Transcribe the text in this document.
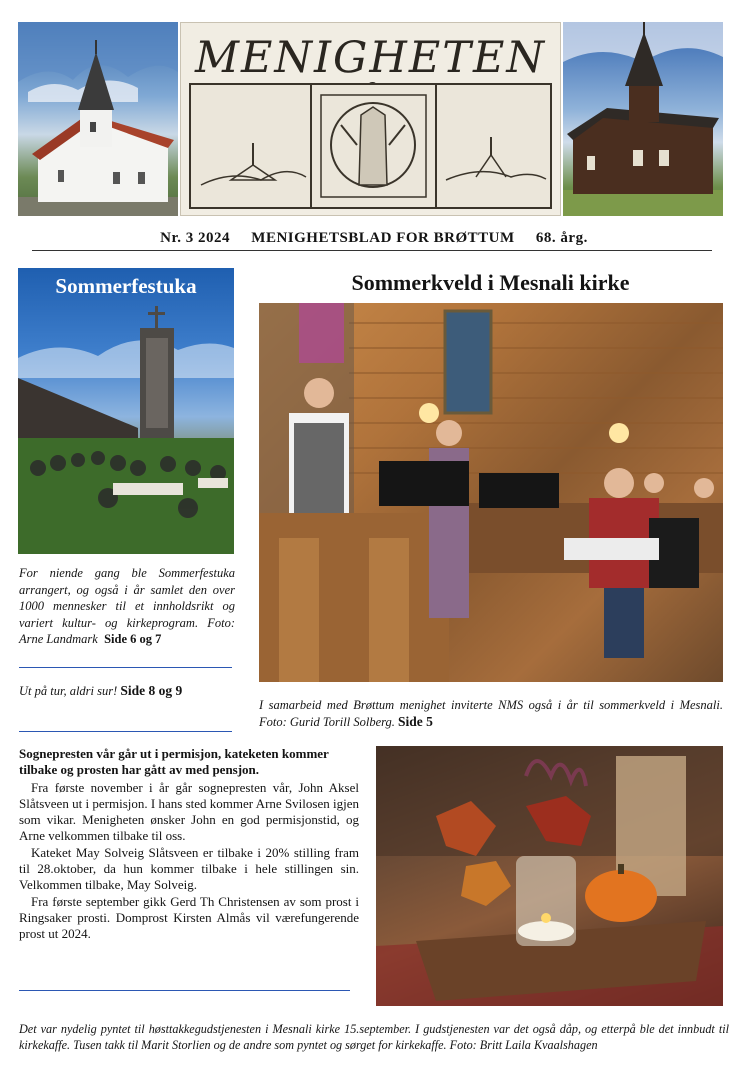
MENIGHETEN
Nr. 3 2024 MENIGHETSBLAD FOR BRØTTUM 68. årg.
Sommerfestuka
For niende gang ble Sommerfestuka arrangert, og også i år samlet den over 1000 mennesker til et innholdsrikt og variert kultur- og kirkeprogram. Foto: Arne Landmark Side 6 og 7
Ut på tur, aldri sur! Side 8 og 9
Sommerkveld i Mesnali kirke
I samarbeid med Brøttum menighet inviterte NMS også i år til sommerkveld i Mesnali. Foto: Gurid Torill Solberg. Side 5
Sognepresten vår går ut i permisjon, kateketen kommer tilbake og prosten har gått av med pensjon.

Fra første november i år går sognepresten vår, John Aksel Slåtsveen ut i permisjon. I hans sted kommer Arne Svilosen igjen som vikar. Menigheten ønsker John en god permisjonstid, og Arne velkommen tilbake til oss.

Kateket May Solveig Slåtsveen er tilbake i 20% stilling fram til 28.oktober, da hun kommer tilbake i hele stillingen sin. Velkommen tilbake, May Solveig.

Fra første september gikk Gerd Th Christensen av som prost i Ringsaker prosti. Domprost Kirsten Almås vil værefungerende prost ut 2024.

Det var nydelig pyntet til høsttakkegudstjenesten i Mesnali kirke 15.september. I gudstjenesten var det også dåp, og etterpå ble det innbudt til kirkekaffe. Tusen takk til Marit Storlien og de andre som pyntet og sørget for kirkekaffe. Foto: Britt Laila Kvaalshagen
